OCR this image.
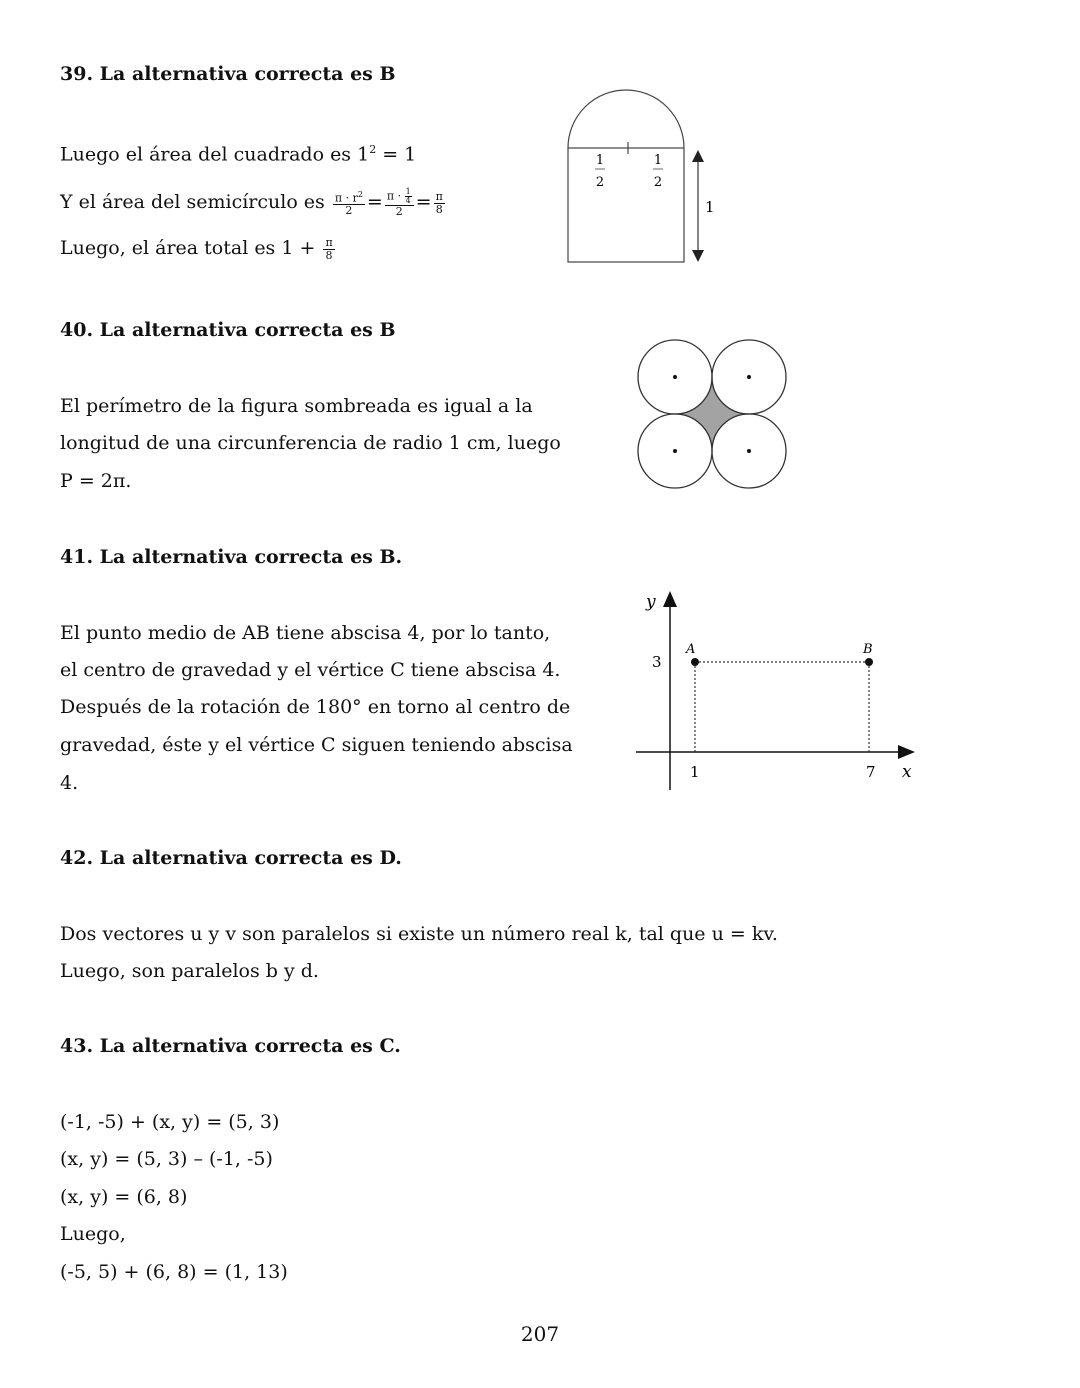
39. La alternativa correcta es B
Luego el área del cuadrado es $1^2 = 1$
Y el área del semicírculo es $\frac{\pi \cdot r^2}{2} = \frac{\pi \cdot \frac{1}{4}}{2} = \frac{\pi}{8}$
Luego, el área total es $1 + \frac{\pi}{8}$
1
2
1
2
1
40. La alternativa correcta es B
El perímetro de la figura sombreada es igual a la
longitud de una circunferencia de radio 1 cm, luego
P = 2π.
41. La alternativa correcta es B.
El punto medio de AB tiene abscisa 4, por lo tanto,
el centro de gravedad y el vértice C tiene abscisa 4.
Después de la rotación de 180° en torno al centro de
gravedad, éste y el vértice C siguen teniendo abscisa
4.
y
x
3
1	7
A	B
42. La alternativa correcta es D.
Dos vectores u y v son paralelos si existe un número real k, tal que u = kv.
Luego, son paralelos b y d.
43. La alternativa correcta es C.
(-1, -5) + (x, y) = (5, 3)
(x, y) = (5, 3) – (-1, -5)
(x, y) = (6, 8)
Luego,
(-5, 5) + (6, 8) = (1, 13)
207
